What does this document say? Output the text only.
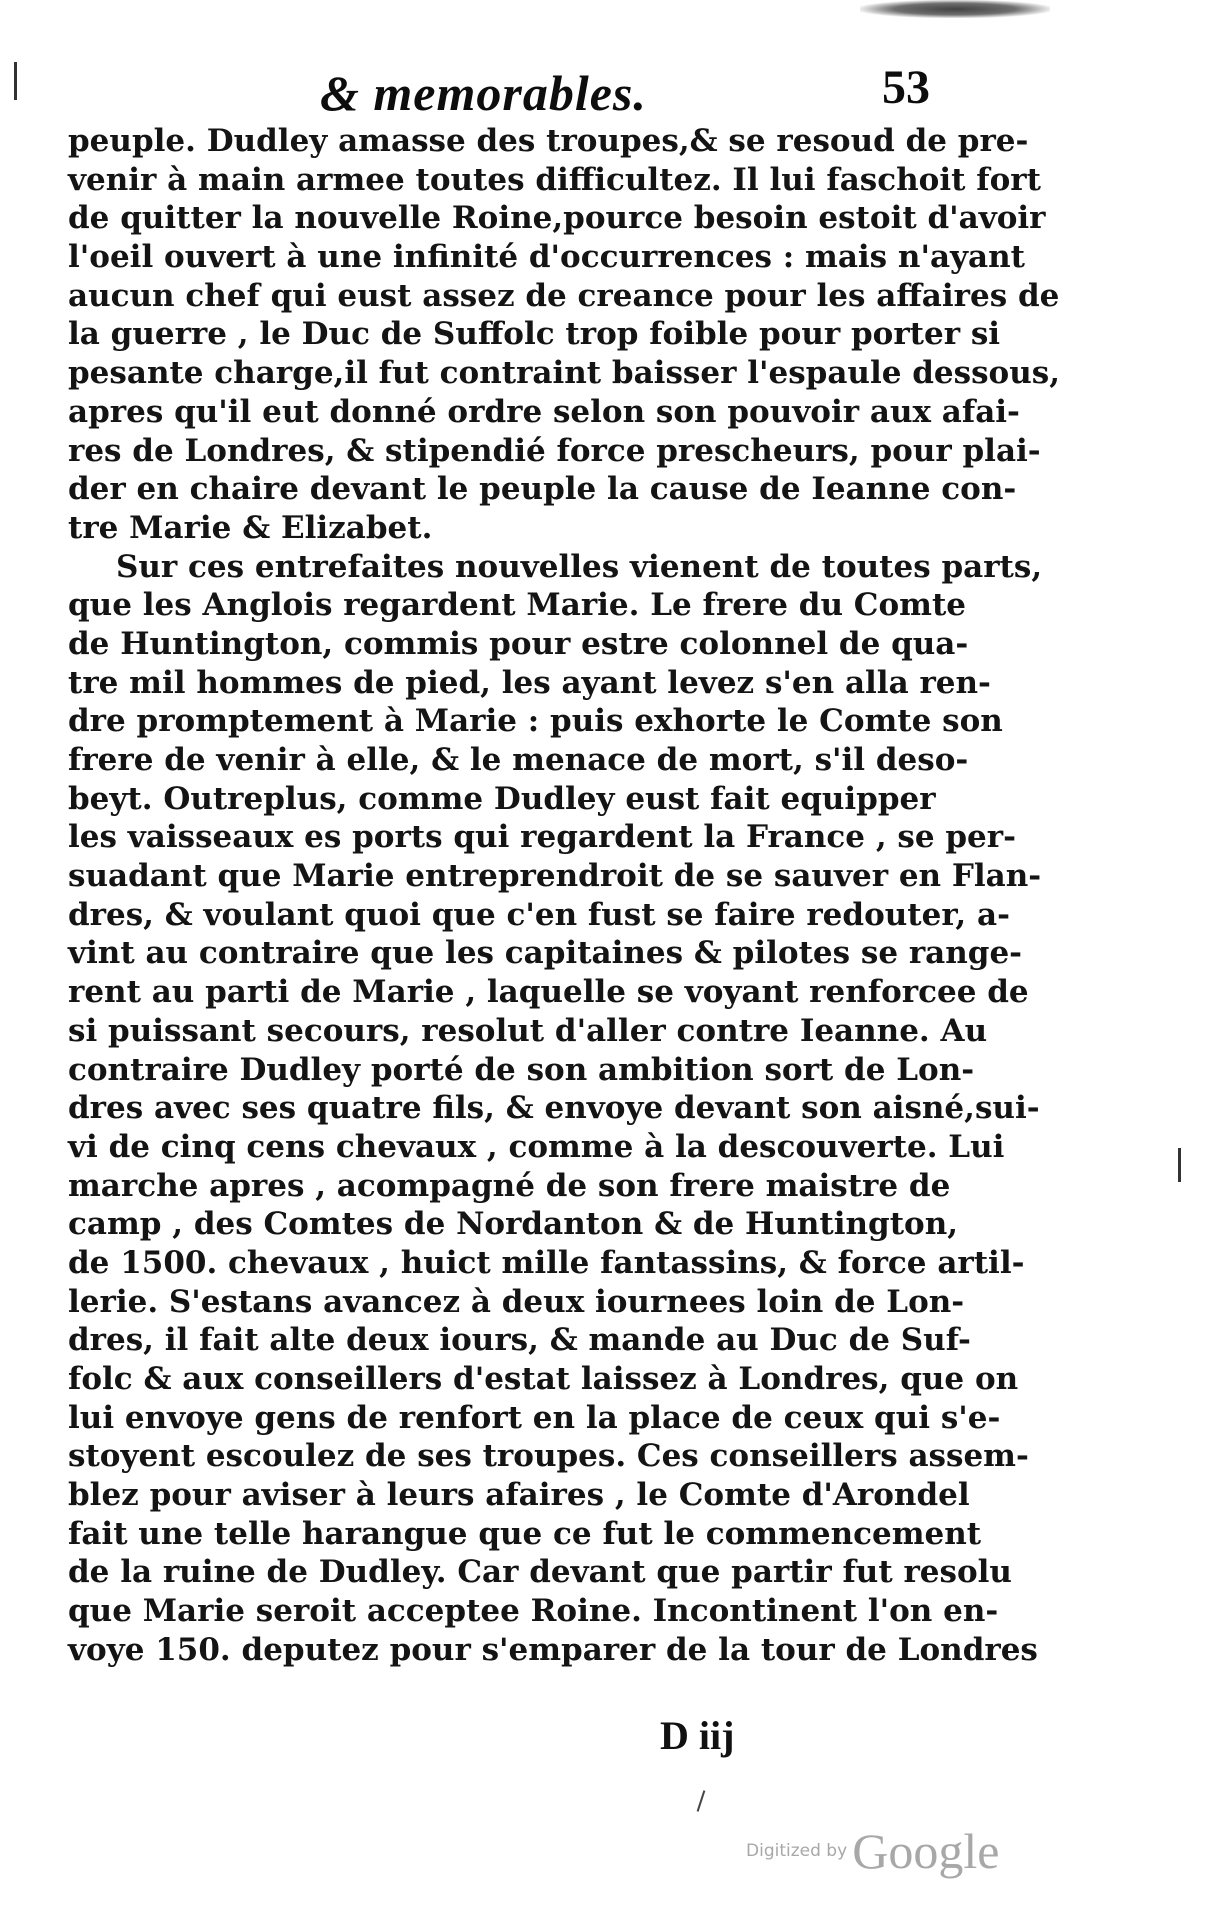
& memorables.	53
peuple. Dudley amasse des troupes,& se resoud de pre-
venir à main armee toutes difficultez. Il lui faschoit fort
de quitter la nouvelle Roine,pource besoin estoit d'avoir
l'oeil ouvert à une infinité d'occurrences : mais n'ayant
aucun chef qui eust assez de creance pour les affaires de
la guerre , le Duc de Suffolc trop foible pour porter si
pesante charge,il fut contraint baisser l'espaule dessous,
apres qu'il eut donné ordre selon son pouvoir aux afai-
res de Londres, & stipendié force prescheurs, pour plai-
der en chaire devant le peuple la cause de Ieanne con-
tre Marie & Elizabet.
Sur ces entrefaites nouvelles vienent de toutes parts,
que les Anglois regardent Marie. Le frere du Comte
de Huntington, commis pour estre colonnel de qua-
tre mil hommes de pied, les ayant levez s'en alla ren-
dre promptement à Marie : puis exhorte le Comte son
frere de venir à elle, & le menace de mort, s'il deso-
beyt. Outreplus, comme Dudley eust fait equipper
les vaisseaux es ports qui regardent la France , se per-
suadant que Marie entreprendroit de se sauver en Flan-
dres, & voulant quoi que c'en fust se faire redouter, a-
vint au contraire que les capitaines & pilotes se range-
rent au parti de Marie , laquelle se voyant renforcee de
si puissant secours, resolut d'aller contre Ieanne. Au
contraire Dudley porté de son ambition sort de Lon-
dres avec ses quatre fils, & envoye devant son aisné,sui-
vi de cinq cens chevaux , comme à la descouverte. Lui
marche apres , acompagné de son frere maistre de
camp , des Comtes de Nordanton & de Huntington,
de 1500. chevaux , huict mille fantassins, & force artil-
lerie. S'estans avancez à deux iournees loin de Lon-
dres, il fait alte deux iours, & mande au Duc de Suf-
folc & aux conseillers d'estat laissez à Londres, que on
lui envoye gens de renfort en la place de ceux qui s'e-
stoyent escoulez de ses troupes. Ces conseillers assem-
blez pour aviser à leurs afaires , le Comte d'Arondel
fait une telle harangue que ce fut le commencement
de la ruine de Dudley. Car devant que partir fut resolu
que Marie seroit acceptee Roine. Incontinent l'on en-
voye 150. deputez pour s'emparer de la tour de Londres
D iij
Digitized by Google
